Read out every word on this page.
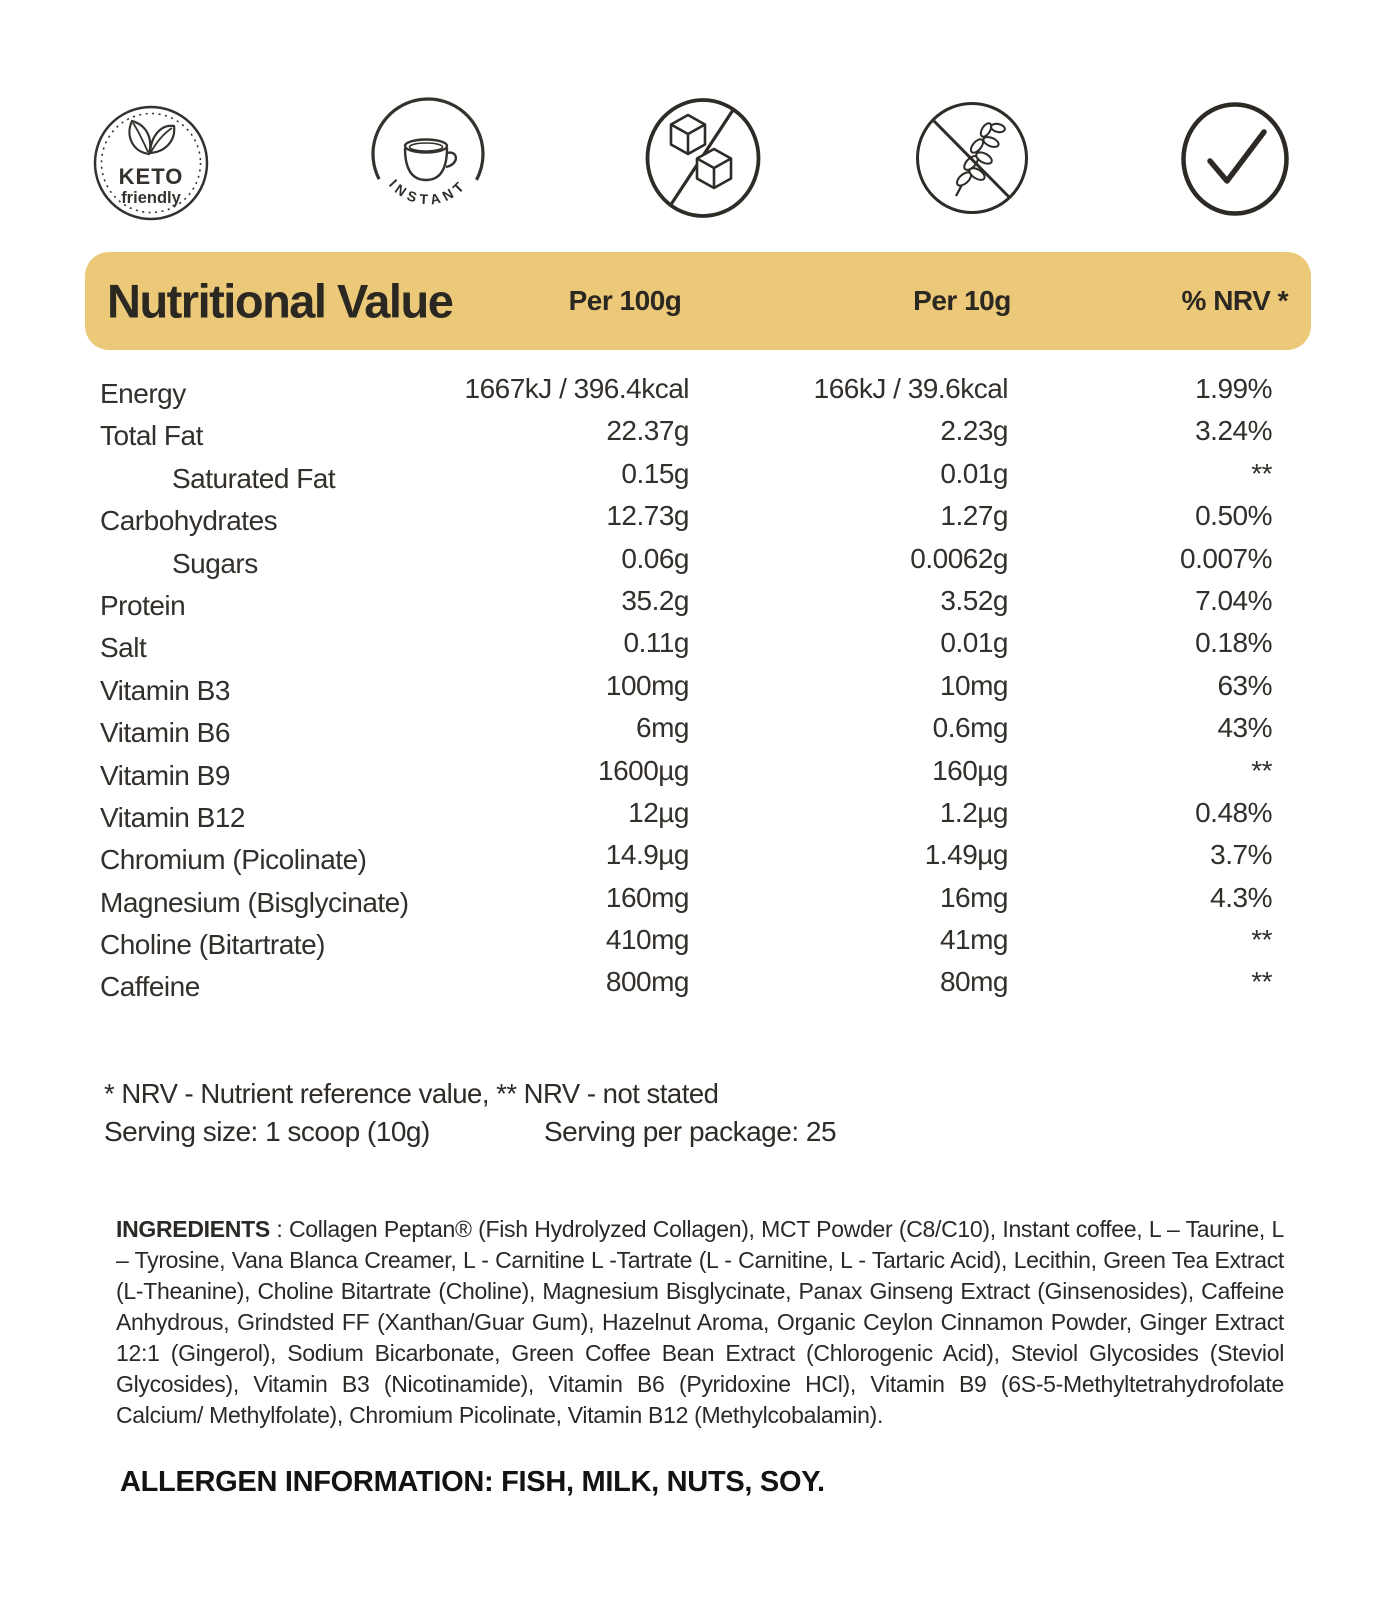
KETO
friendly
INSTANT
Nutritional Value	Per 100g	Per 10g	% NRV *
Energy	1667kJ / 396.4kcal	166kJ / 39.6kcal	1.99%
Total Fat	22.37g	2.23g	3.24%
Saturated Fat	0.15g	0.01g	**
Carbohydrates	12.73g	1.27g	0.50%
Sugars	0.06g	0.0062g	0.007%
Protein	35.2g	3.52g	7.04%
Salt	0.11g	0.01g	0.18%
Vitamin B3	100mg	10mg	63%
Vitamin B6	6mg	0.6mg	43%
Vitamin B9	1600µg	160µg	**
Vitamin B12	12µg	1.2µg	0.48%
Chromium (Picolinate)	14.9µg	1.49µg	3.7%
Magnesium (Bisglycinate)	160mg	16mg	4.3%
Choline (Bitartrate)	410mg	41mg	**
Caffeine	800mg	80mg	**
* NRV - Nutrient reference value, ** NRV - not stated
Serving size: 1 scoop (10g)	Serving per package: 25

INGREDIENTS : Collagen Peptan® (Fish Hydrolyzed Collagen), MCT Powder (C8/C10), Instant coffee, L – Taurine, L – Tyrosine, Vana Blanca Creamer, L - Carnitine L -Tartrate (L - Carnitine, L - Tartaric Acid), Lecithin, Green Tea Extract (L-Theanine), Choline Bitartrate (Choline), Magnesium Bisglycinate, Panax Ginseng Extract (Ginsenosides), Caffeine Anhydrous, Grindsted FF (Xanthan/Guar Gum), Hazelnut Aroma, Organic Ceylon Cinnamon Powder, Ginger Extract 12:1 (Gingerol), Sodium Bicarbonate, Green Coffee Bean Extract (Chlorogenic Acid), Steviol Glycosides (Steviol Glycosides), Vitamin B3 (Nicotinamide), Vitamin B6 (Pyridoxine HCl), Vitamin B9 (6S-5-Methyltetrahydrofolate Calcium/ Methylfolate), Chromium Picolinate, Vitamin B12 (Methylcobalamin).

ALLERGEN INFORMATION: FISH, MILK, NUTS, SOY.
